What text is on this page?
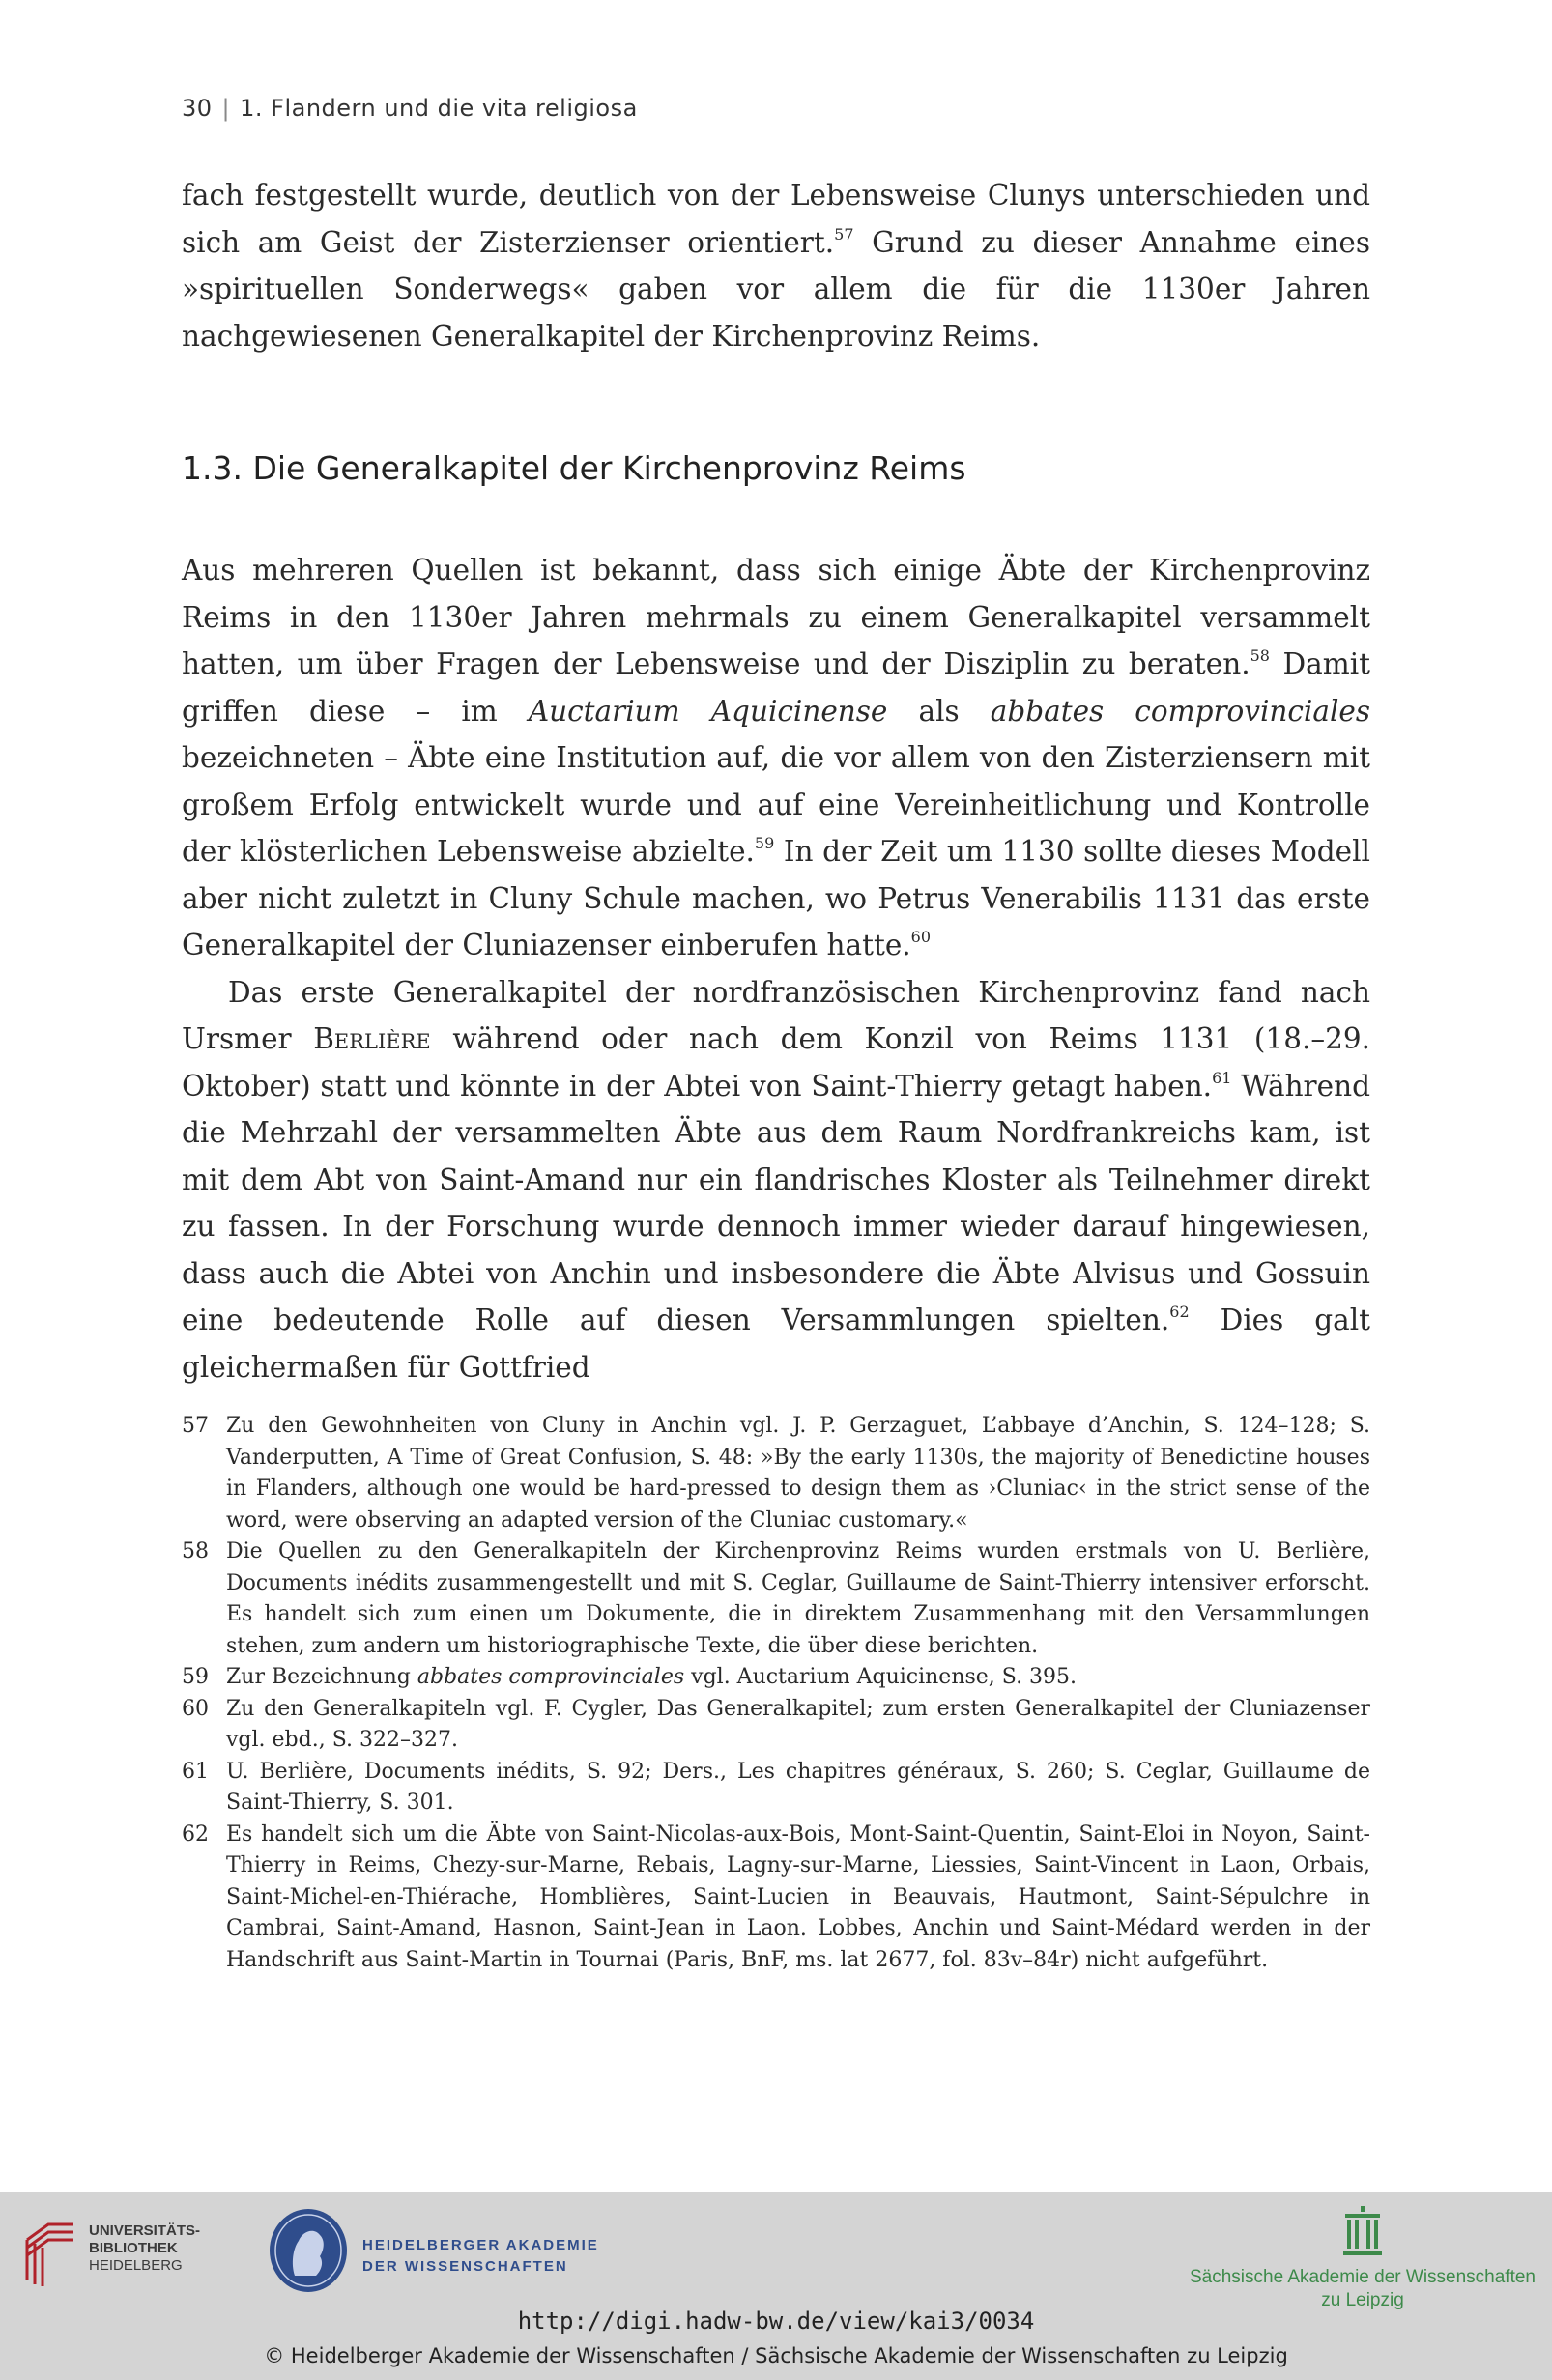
30 | 1. Flandern und die vita religiosa

fach festgestellt wurde, deutlich von der Lebensweise Clunys unterschieden und sich am Geist der Zisterzienser orientiert.$^{57}$ Grund zu dieser Annahme eines »spirituellen Sonderwegs« gaben vor allem die für die 1130er Jahren nachgewiesenen Generalkapitel der Kirchenprovinz Reims.

1.3. Die Generalkapitel der Kirchenprovinz Reims

Aus mehreren Quellen ist bekannt, dass sich einige Äbte der Kirchenprovinz Reims in den 1130er Jahren mehrmals zu einem Generalkapitel versammelt hatten, um über Fragen der Lebensweise und der Disziplin zu beraten.$^{58}$ Damit griffen diese – im Auctarium Aquicinense als abbates comprovinciales bezeichneten – Äbte eine Institution auf, die vor allem von den Zisterziensern mit großem Erfolg entwickelt wurde und auf eine Vereinheitlichung und Kontrolle der klösterlichen Lebensweise abzielte.$^{59}$ In der Zeit um 1130 sollte dieses Modell aber nicht zuletzt in Cluny Schule machen, wo Petrus Venerabilis 1131 das erste Generalkapitel der Cluniazenser einberufen hatte.$^{60}$

Das erste Generalkapitel der nordfranzösischen Kirchenprovinz fand nach Ursmer Berlière während oder nach dem Konzil von Reims 1131 (18.–29. Oktober) statt und könnte in der Abtei von Saint-Thierry getagt haben.$^{61}$ Während die Mehrzahl der versammelten Äbte aus dem Raum Nordfrankreichs kam, ist mit dem Abt von Saint-Amand nur ein flandrisches Kloster als Teilnehmer direkt zu fassen. In der Forschung wurde dennoch immer wieder darauf hingewiesen, dass auch die Abtei von Anchin und insbesondere die Äbte Alvisus und Gossuin eine bedeutende Rolle auf diesen Versammlungen spielten.$^{62}$ Dies galt gleichermaßen für Gottfried

57 Zu den Gewohnheiten von Cluny in Anchin vgl. J. P. Gerzaguet, L’abbaye d’Anchin, S. 124–128; S. Vanderputten, A Time of Great Confusion, S. 48: »By the early 1130s, the majority of Benedictine houses in Flanders, although one would be hard-pressed to design them as ›Cluniac‹ in the strict sense of the word, were observing an adapted version of the Cluniac customary.«
58 Die Quellen zu den Generalkapiteln der Kirchenprovinz Reims wurden erstmals von U. Berlière, Documents inédits zusammengestellt und mit S. Ceglar, Guillaume de Saint-Thierry intensiver erforscht. Es handelt sich zum einen um Dokumente, die in direktem Zusammenhang mit den Versammlungen stehen, zum andern um historiographische Texte, die über diese berichten.
59 Zur Bezeichnung abbates comprovinciales vgl. Auctarium Aquicinense, S. 395.
60 Zu den Generalkapiteln vgl. F. Cygler, Das Generalkapitel; zum ersten Generalkapitel der Cluniazenser vgl. ebd., S. 322–327.
61 U. Berlière, Documents inédits, S. 92; Ders., Les chapitres généraux, S. 260; S. Ceglar, Guillaume de Saint-Thierry, S. 301.
62 Es handelt sich um die Äbte von Saint-Nicolas-aux-Bois, Mont-Saint-Quentin, Saint-Eloi in Noyon, Saint-Thierry in Reims, Chezy-sur-Marne, Rebais, Lagny-sur-Marne, Liessies, Saint-Vincent in Laon, Orbais, Saint-Michel-en-Thiérache, Homblières, Saint-Lucien in Beauvais, Hautmont, Saint-Sépulchre in Cambrai, Saint-Amand, Hasnon, Saint-Jean in Laon. Lobbes, Anchin und Saint-Médard werden in der Handschrift aus Saint-Martin in Tournai (Paris, BnF, ms. lat 2677, fol. 83v–84r) nicht aufgeführt.
UNIVERSITÄTS-
BIBLIOTHEK
HEIDELBERG
HEIDELBERGER AKADEMIE
DER WISSENSCHAFTEN
Sächsische Akademie der Wissenschaften
zu Leipzig
http://digi.hadw-bw.de/view/kai3/0034
© Heidelberger Akademie der Wissenschaften / Sächsische Akademie der Wissenschaften zu Leipzig
